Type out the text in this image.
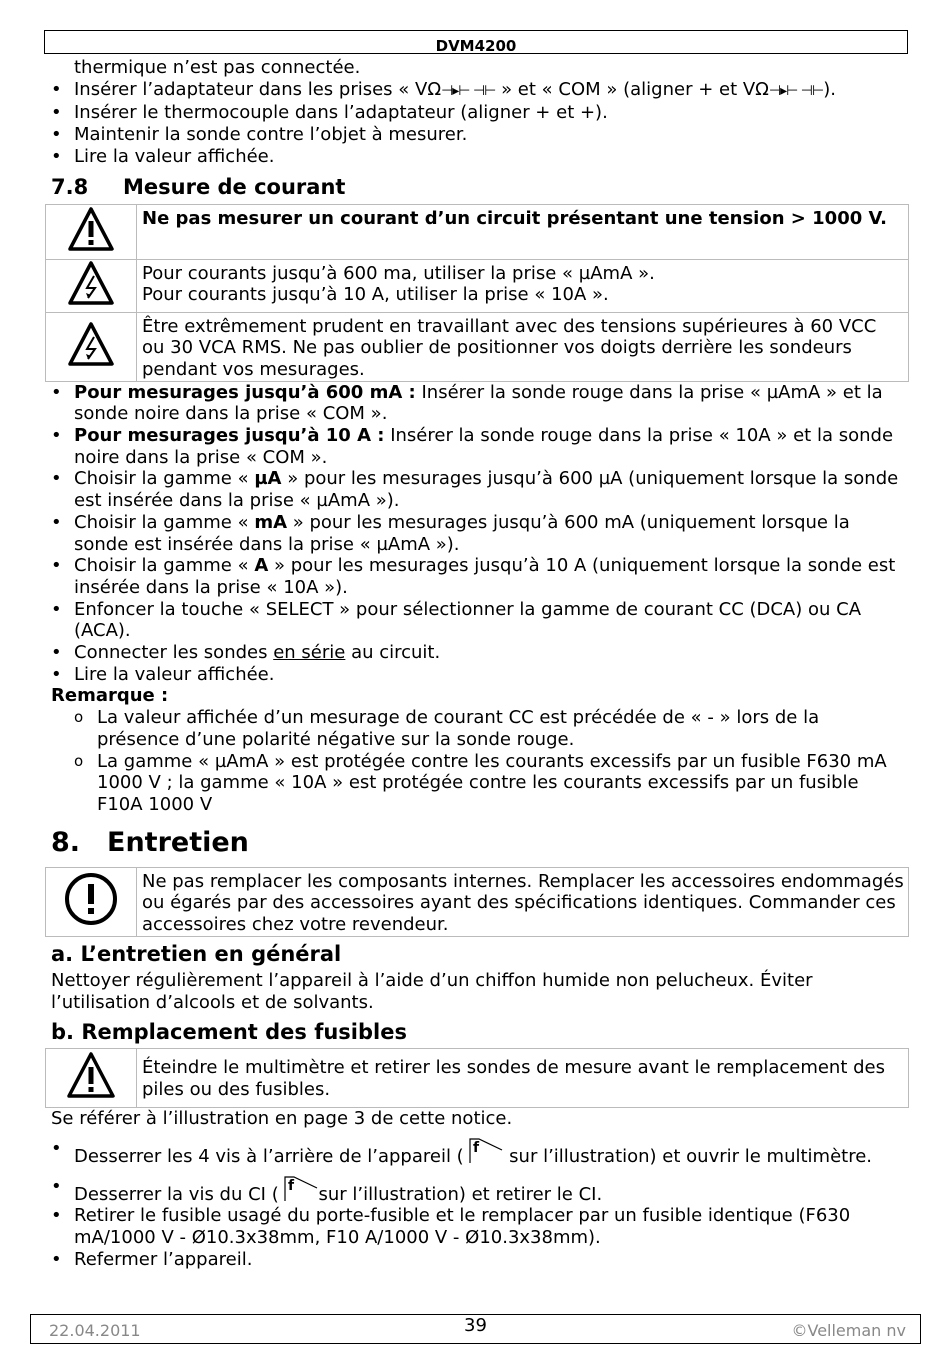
DVM4200
thermique n’est pas connectée.
• Insérer l’adaptateur dans les prises « VΩ⊣▸⊢ ⊣⊢ » et « COM » (aligner + et VΩ⊣▸⊢ ⊣⊢).
• Insérer le thermocouple dans l’adaptateur (aligner + et +).
• Maintenir la sonde contre l’objet à mesurer.
• Lire la valeur affichée.
7.8 Mesure de courant
	Ne pas mesurer un courant d’un circuit présentant une tension > 1000 V.

Pour courants jusqu’à 600 ma, utiliser la prise « µAmA ».
Pour courants jusqu’à 10 A, utiliser la prise « 10A ».

	Être extrêmement prudent en travaillant avec des tensions supérieures à 60 VCC ou 30 VCA RMS. Ne pas oublier de positionner vos doigts derrière les sondeurs pendant vos mesurages.
• Pour mesurages jusqu’à 600 mA : Insérer la sonde rouge dans la prise « µAmA » et la sonde noire dans la prise « COM ».
• Pour mesurages jusqu’à 10 A : Insérer la sonde rouge dans la prise « 10A » et la sonde noire dans la prise « COM ».
• Choisir la gamme « µA » pour les mesurages jusqu’à 600 µA (uniquement lorsque la sonde est insérée dans la prise « µAmA »).
• Choisir la gamme « mA » pour les mesurages jusqu’à 600 mA (uniquement lorsque la sonde est insérée dans la prise « µAmA »).
• Choisir la gamme « A » pour les mesurages jusqu’à 10 A (uniquement lorsque la sonde est insérée dans la prise « 10A »).
• Enfoncer la touche « SELECT » pour sélectionner la gamme de courant CC (DCA) ou CA (ACA).
• Connecter les sondes en série au circuit.
• Lire la valeur affichée.
Remarque :
o La valeur affichée d’un mesurage de courant CC est précédée de « - » lors de la présence d’une polarité négative sur la sonde rouge.
o La gamme « µAmA » est protégée contre les courants excessifs par un fusible F630 mA 1000 V ; la gamme « 10A » est protégée contre les courants excessifs par un fusible F10A 1000 V
8. Entretien
	Ne pas remplacer les composants internes. Remplacer les accessoires endommagés ou égarés par des accessoires ayant des spécifications identiques. Commander ces accessoires chez votre revendeur.
a. L’entretien en général
Nettoyer régulièrement l’appareil à l’aide d’un chiffon humide non pelucheux. Éviter l’utilisation d’alcools et de solvants.
b. Remplacement des fusibles
	Éteindre le multimètre et retirer les sondes de mesure avant le remplacement des piles ou des fusibles.
Se référer à l’illustration en page 3 de cette notice.
• Desserrer les 4 vis à l’arrière de l’appareil ( f sur l’illustration) et ouvrir le multimètre.
• Desserrer la vis du CI ( f sur l’illustration) et retirer le CI.
• Retirer le fusible usagé du porte-fusible et le remplacer par un fusible identique (F630 mA/1000 V - Ø10.3x38mm, F10 A/1000 V - Ø10.3x38mm).
• Refermer l’appareil.
22.04.2011	39	©Velleman nv
